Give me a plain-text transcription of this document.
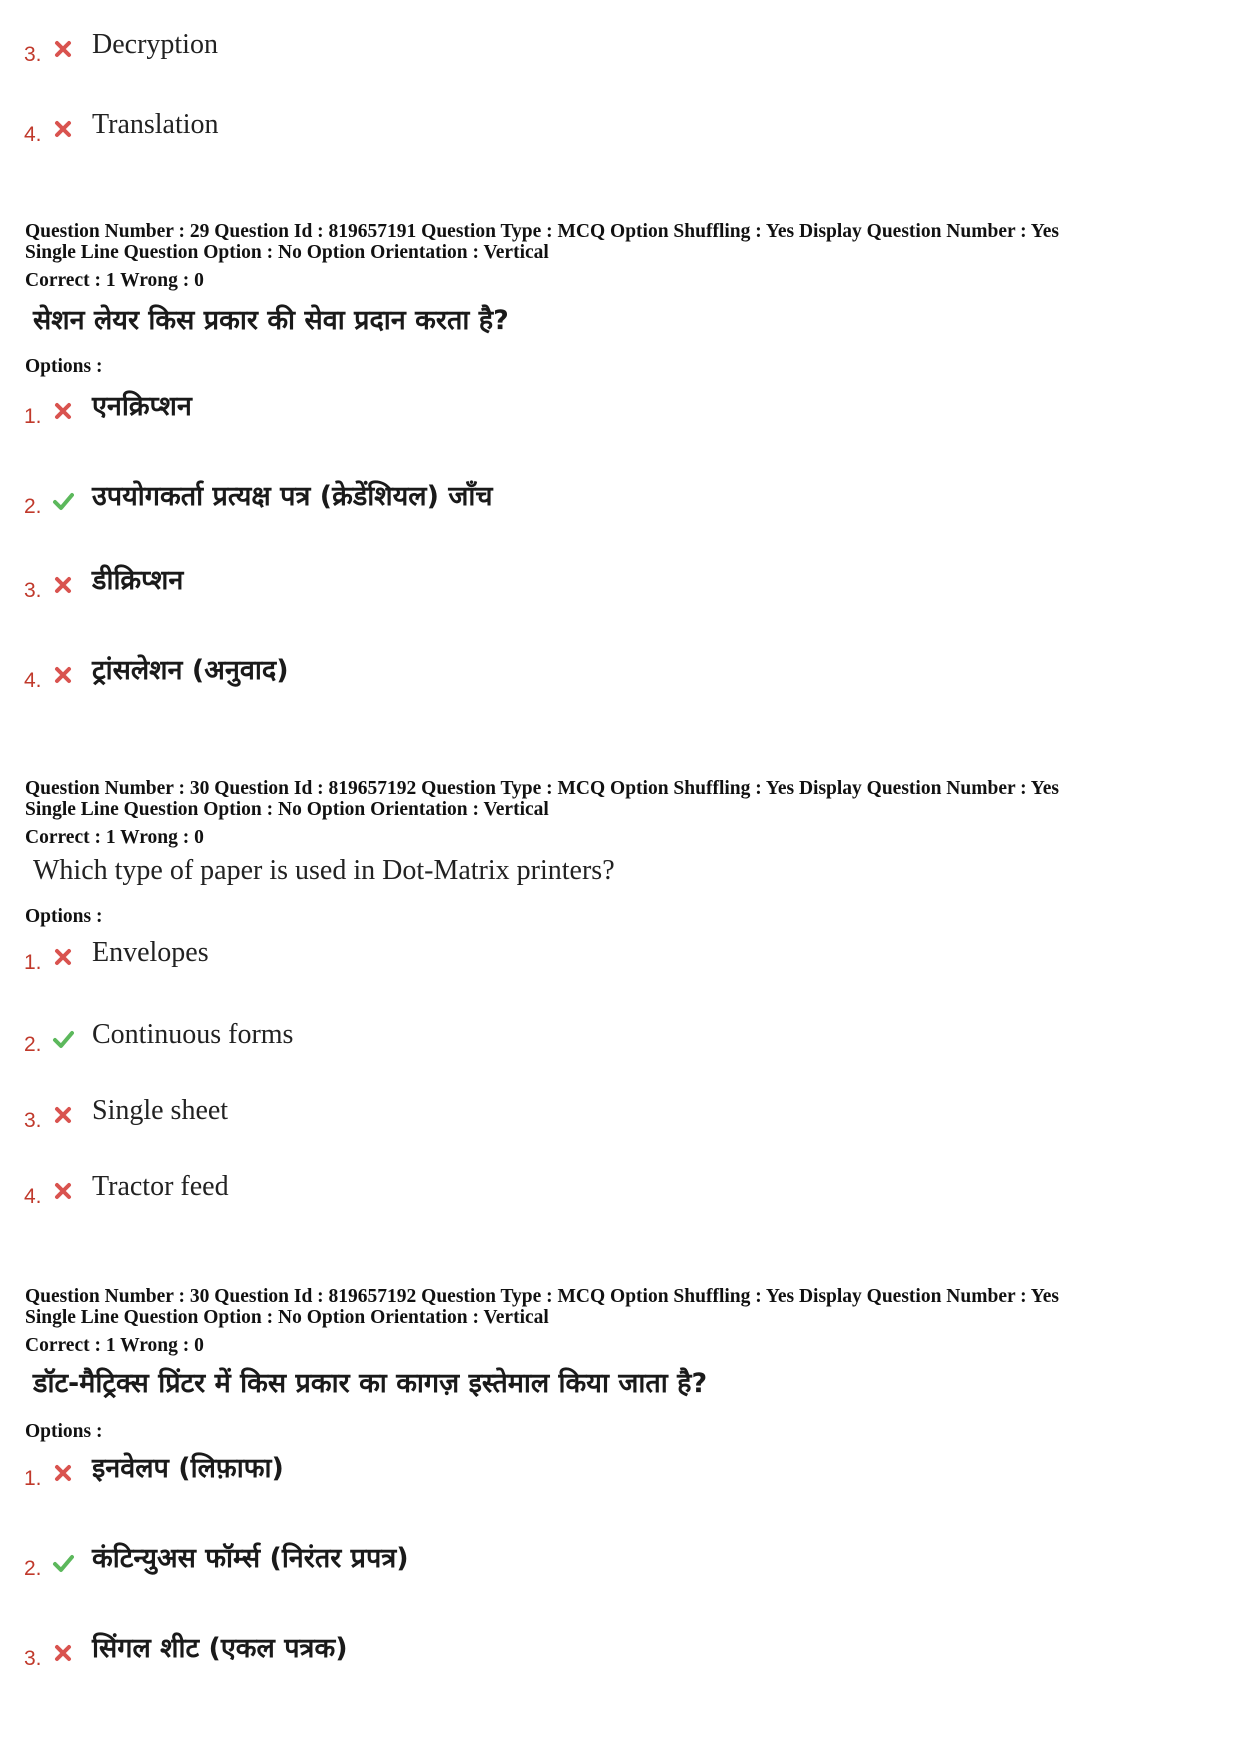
3. Decryption
4. Translation
Question Number : 29 Question Id : 819657191 Question Type : MCQ Option Shuffling : Yes Display Question Number : Yes
Single Line Question Option : No Option Orientation : Vertical
Correct : 1 Wrong : 0
सेशन लेयर किस प्रकार की सेवा प्रदान करता है?
Options :
1. एनक्रिप्शन
2. उपयोगकर्ता प्रत्यक्ष पत्र (क्रेडेंशियल) जाँच
3. डीक्रिप्शन
4. ट्रांसलेशन (अनुवाद)
Question Number : 30 Question Id : 819657192 Question Type : MCQ Option Shuffling : Yes Display Question Number : Yes
Single Line Question Option : No Option Orientation : Vertical
Correct : 1 Wrong : 0
Which type of paper is used in Dot-Matrix printers?
Options :
1. Envelopes
2. Continuous forms
3. Single sheet
4. Tractor feed
Question Number : 30 Question Id : 819657192 Question Type : MCQ Option Shuffling : Yes Display Question Number : Yes
Single Line Question Option : No Option Orientation : Vertical
Correct : 1 Wrong : 0
डॉट-मैट्रिक्स प्रिंटर में किस प्रकार का कागज़ इस्तेमाल किया जाता है?
Options :
1. इनवेलप (लिफ़ाफा)
2. कंटिन्युअस फॉर्म्स (निरंतर प्रपत्र)
3. सिंगल शीट (एकल पत्रक)
